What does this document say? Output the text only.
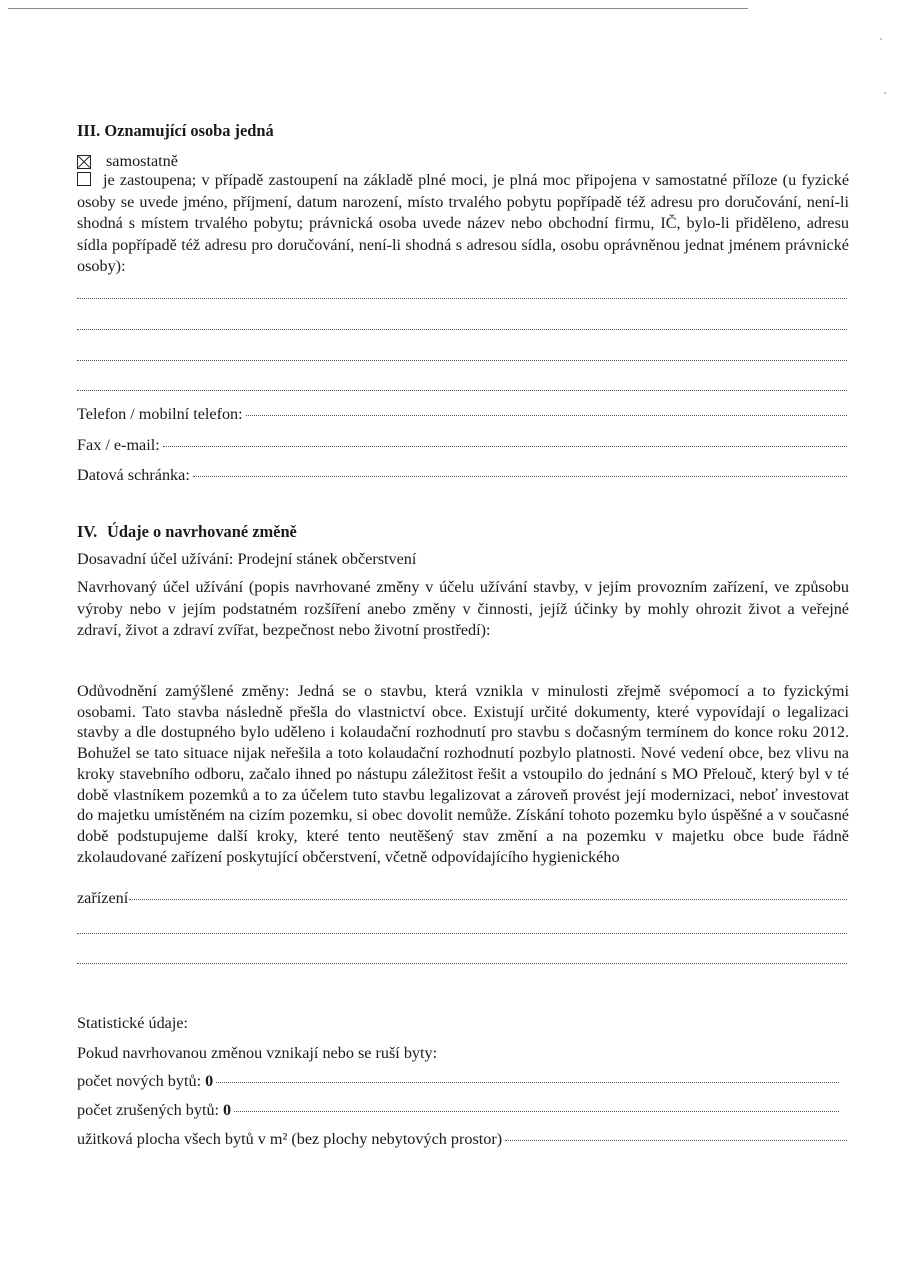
III. Oznamující osoba jedná
samostatně
je zastoupena; v případě zastoupení na základě plné moci, je plná moc připojena v samostatné příloze (u fyzické osoby se uvede jméno, příjmení, datum narození, místo trvalého pobytu popřípadě též adresu pro doručování, není-li shodná s místem trvalého pobytu; právnická osoba uvede název nebo obchodní firmu, IČ, bylo-li přiděleno, adresu sídla popřípadě též adresu pro doručování, není-li shodná s adresou sídla, osobu oprávněnou jednat jménem právnické osoby):
Telefon / mobilní telefon:
Fax / e-mail:
Datová schránka:
IV. Údaje o navrhované změně
Dosavadní účel užívání: Prodejní stánek občerstvení
Navrhovaný účel užívání (popis navrhované změny v účelu užívání stavby, v jejím provozním zařízení, ve způsobu výroby nebo v jejím podstatném rozšíření anebo změny v činnosti, jejíž účinky by mohly ohrozit život a veřejné zdraví, život a zdraví zvířat, bezpečnost nebo životní prostředí):
Odůvodnění zamýšlené změny: Jedná se o stavbu, která vznikla v minulosti zřejmě svépomocí a to fyzickými osobami. Tato stavba následně přešla do vlastnictví obce. Existují určité dokumenty, které vypovídají o legalizaci stavby a dle dostupného bylo uděleno i kolaudační rozhodnutí pro stavbu s dočasným termínem do konce roku 2012. Bohužel se tato situace nijak neřešila a toto kolaudační rozhodnutí pozbylo platnosti. Nové vedení obce, bez vlivu na kroky stavebního odboru, začalo ihned po nástupu záležitost řešit a vstoupilo do jednání s MO Přelouč, který byl v té době vlastníkem pozemků a to za účelem tuto stavbu legalizovat a zároveň provést její modernizaci, neboť investovat do majetku umístěném na cizím pozemku, si obec dovolit nemůže. Získání tohoto pozemku bylo úspěšné a v současné době podstupujeme další kroky, které tento neutěšený stav změní a na pozemku v majetku obce bude řádně zkolaudované zařízení poskytující občerstvení, včetně odpovídajícího hygienického
zařízení
Statistické údaje:
Pokud navrhovanou změnou vznikají nebo se ruší byty:
počet nových bytů: 0
počet zrušených bytů: 0
užitková plocha všech bytů v m² (bez plochy nebytových prostor)
